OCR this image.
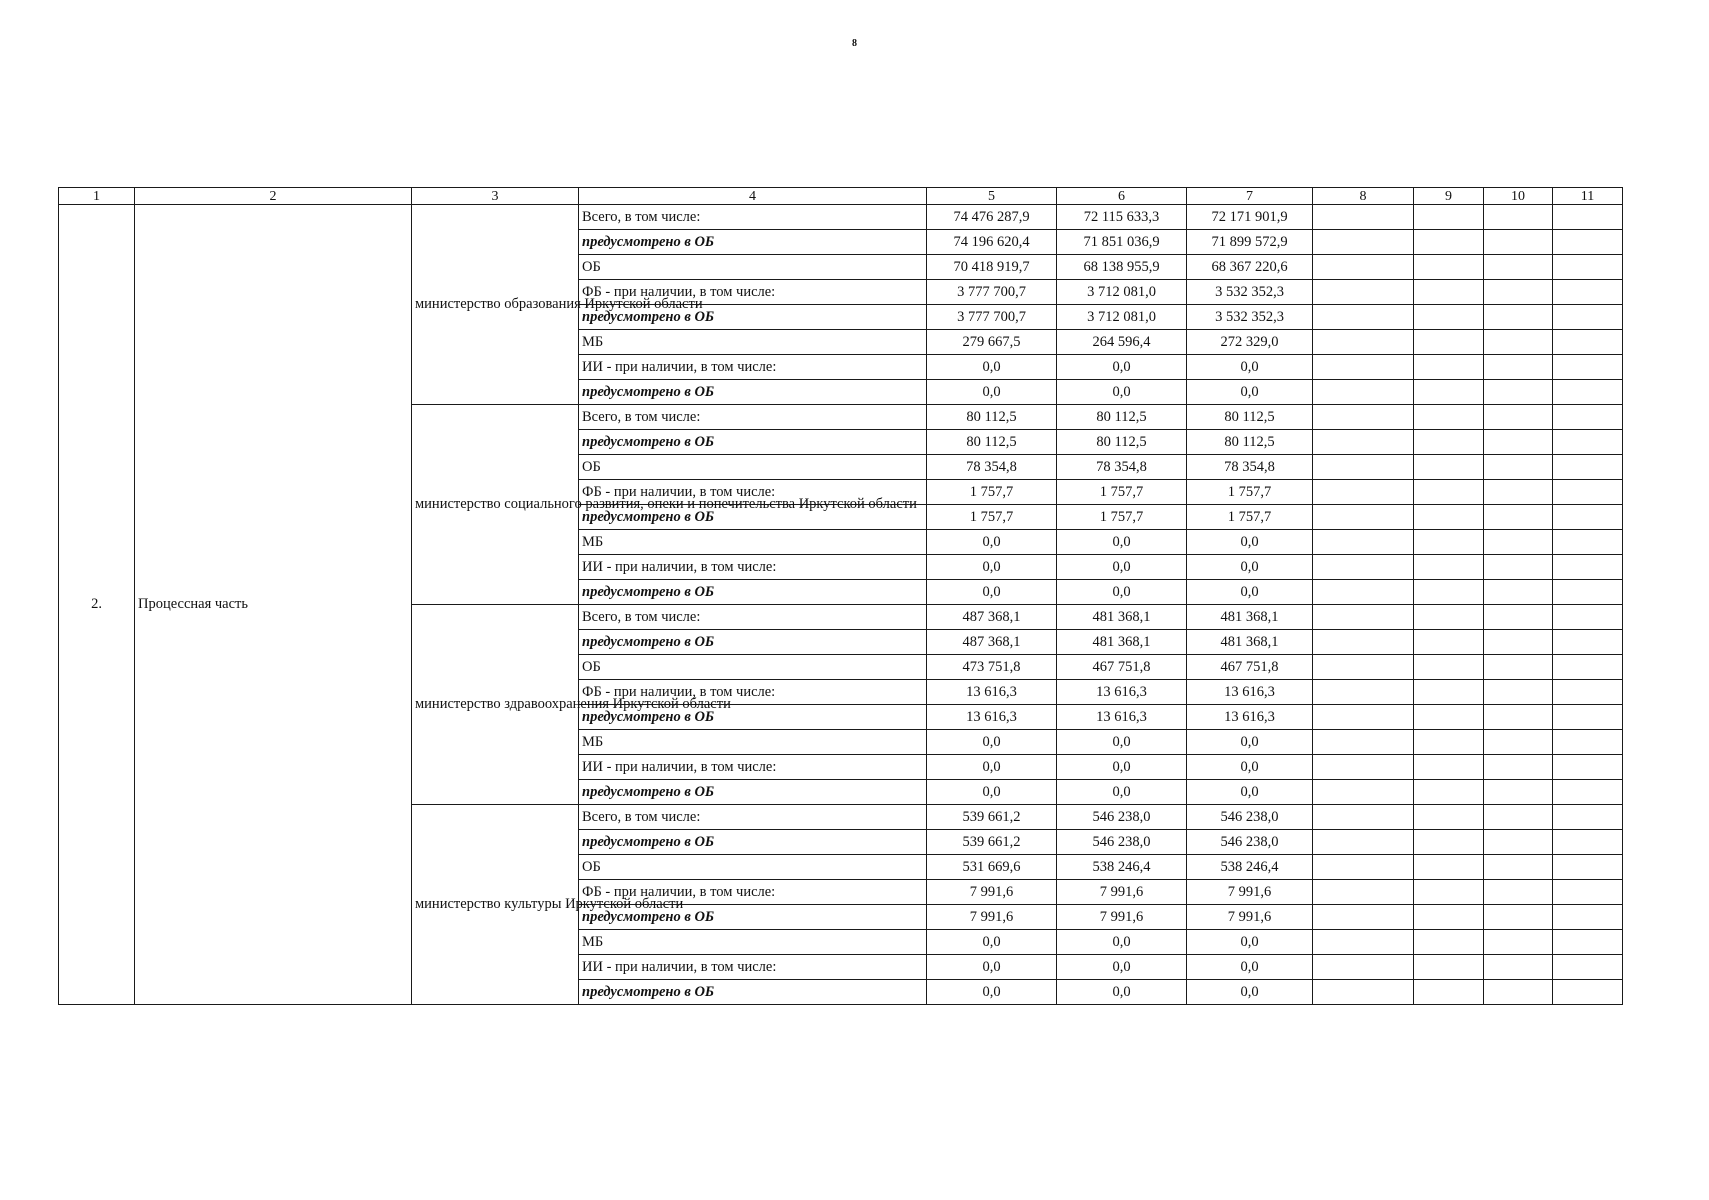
8
1	2	3	4	5	6	7	8	9	10	11
2.	Процессная часть	министерство образования Иркутской области	Всего, в том числе:	74 476 287,9	72 115 633,3	72 171 901,9				
			предусмотрено в ОБ	74 196 620,4	71 851 036,9	71 899 572,9				
			ОБ	70 418 919,7	68 138 955,9	68 367 220,6				
			ФБ - при наличии, в том числе:	3 777 700,7	3 712 081,0	3 532 352,3				
			предусмотрено в ОБ	3 777 700,7	3 712 081,0	3 532 352,3				
			МБ	279 667,5	264 596,4	272 329,0				
			ИИ - при наличии, в том числе:	0,0	0,0	0,0				
			предусмотрено в ОБ	0,0	0,0	0,0				
		министерство социального развития, опеки и попечительства Иркутской области	Всего, в том числе:	80 112,5	80 112,5	80 112,5				
			предусмотрено в ОБ	80 112,5	80 112,5	80 112,5				
			ОБ	78 354,8	78 354,8	78 354,8				
			ФБ - при наличии, в том числе:	1 757,7	1 757,7	1 757,7				
			предусмотрено в ОБ	1 757,7	1 757,7	1 757,7				
			МБ	0,0	0,0	0,0				
			ИИ - при наличии, в том числе:	0,0	0,0	0,0				
			предусмотрено в ОБ	0,0	0,0	0,0				
		министерство здравоохранения Иркутской области	Всего, в том числе:	487 368,1	481 368,1	481 368,1				
			предусмотрено в ОБ	487 368,1	481 368,1	481 368,1				
			ОБ	473 751,8	467 751,8	467 751,8				
			ФБ - при наличии, в том числе:	13 616,3	13 616,3	13 616,3				
			предусмотрено в ОБ	13 616,3	13 616,3	13 616,3				
			МБ	0,0	0,0	0,0				
			ИИ - при наличии, в том числе:	0,0	0,0	0,0				
			предусмотрено в ОБ	0,0	0,0	0,0				
		министерство культуры Иркутской области	Всего, в том числе:	539 661,2	546 238,0	546 238,0				
			предусмотрено в ОБ	539 661,2	546 238,0	546 238,0				
			ОБ	531 669,6	538 246,4	538 246,4				
			ФБ - при наличии, в том числе:	7 991,6	7 991,6	7 991,6				
			предусмотрено в ОБ	7 991,6	7 991,6	7 991,6				
			МБ	0,0	0,0	0,0				
			ИИ - при наличии, в том числе:	0,0	0,0	0,0				
			предусмотрено в ОБ	0,0	0,0	0,0				
